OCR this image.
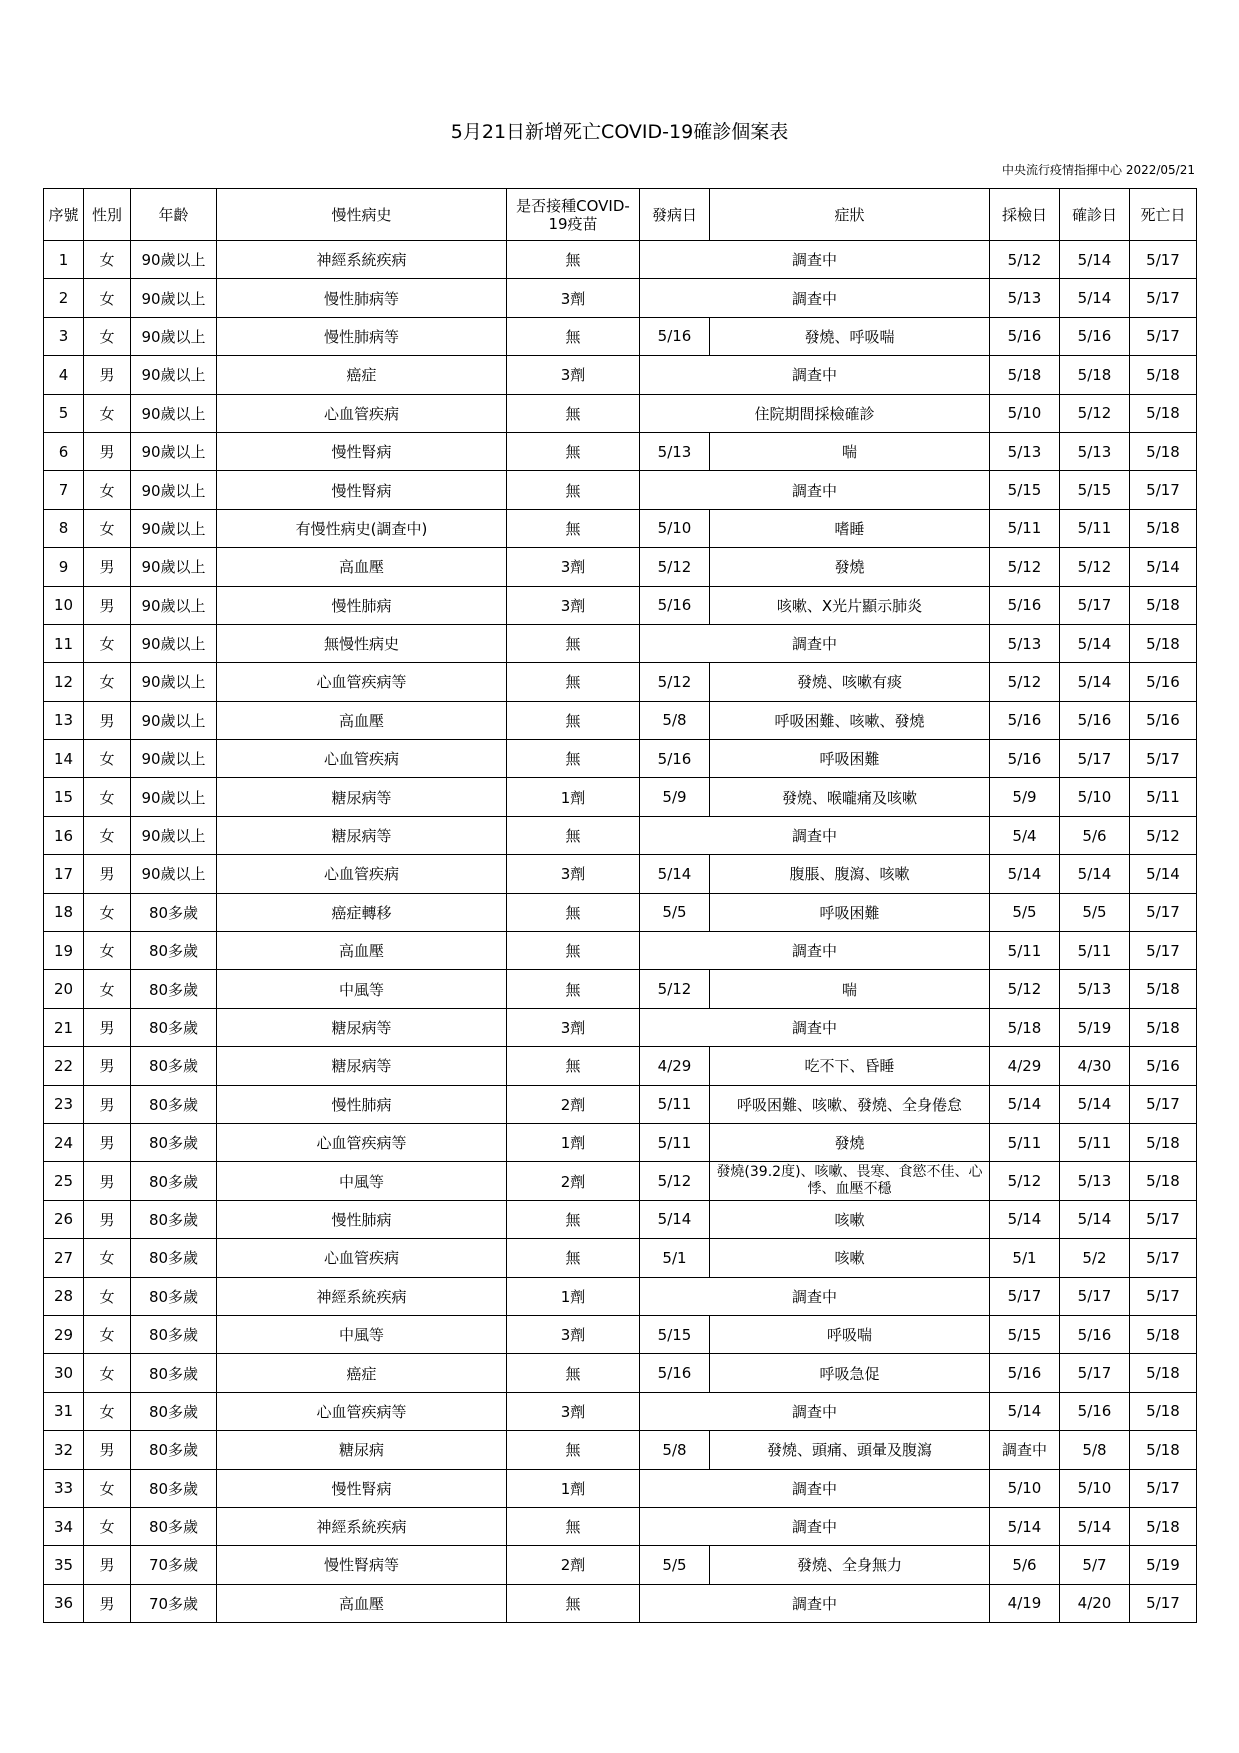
5月21日新增死亡COVID-19確診個案表
中央流行疫情指揮中心 2022/05/21
序號	性別	年齡	慢性病史	是否接種COVID-19疫苗	發病日	症狀	採檢日	確診日	死亡日
1	女	90歲以上	神經系統疾病	無	調查中		5/12	5/14	5/17
2	女	90歲以上	慢性肺病等	3劑	調查中		5/13	5/14	5/17
3	女	90歲以上	慢性肺病等	無	5/16	發燒、呼吸喘	5/16	5/16	5/17
4	男	90歲以上	癌症	3劑	調查中		5/18	5/18	5/18
5	女	90歲以上	心血管疾病	無	住院期間採檢確診		5/10	5/12	5/18
6	男	90歲以上	慢性腎病	無	5/13	喘	5/13	5/13	5/18
7	女	90歲以上	慢性腎病	無	調查中		5/15	5/15	5/17
8	女	90歲以上	有慢性病史(調查中)	無	5/10	嗜睡	5/11	5/11	5/18
9	男	90歲以上	高血壓	3劑	5/12	發燒	5/12	5/12	5/14
10	男	90歲以上	慢性肺病	3劑	5/16	咳嗽、X光片顯示肺炎	5/16	5/17	5/18
11	女	90歲以上	無慢性病史	無	調查中		5/13	5/14	5/18
12	女	90歲以上	心血管疾病等	無	5/12	發燒、咳嗽有痰	5/12	5/14	5/16
13	男	90歲以上	高血壓	無	5/8	呼吸困難、咳嗽、發燒	5/16	5/16	5/16
14	女	90歲以上	心血管疾病	無	5/16	呼吸困難	5/16	5/17	5/17
15	女	90歲以上	糖尿病等	1劑	5/9	發燒、喉嚨痛及咳嗽	5/9	5/10	5/11
16	女	90歲以上	糖尿病等	無	調查中		5/4	5/6	5/12
17	男	90歲以上	心血管疾病	3劑	5/14	腹脹、腹瀉、咳嗽	5/14	5/14	5/14
18	女	80多歲	癌症轉移	無	5/5	呼吸困難	5/5	5/5	5/17
19	女	80多歲	高血壓	無	調查中		5/11	5/11	5/17
20	女	80多歲	中風等	無	5/12	喘	5/12	5/13	5/18
21	男	80多歲	糖尿病等	3劑	調查中		5/18	5/19	5/18
22	男	80多歲	糖尿病等	無	4/29	吃不下、昏睡	4/29	4/30	5/16
23	男	80多歲	慢性肺病	2劑	5/11	呼吸困難、咳嗽、發燒、全身倦怠	5/14	5/14	5/17
24	男	80多歲	心血管疾病等	1劑	5/11	發燒	5/11	5/11	5/18
25	男	80多歲	中風等	2劑	5/12	發燒(39.2度)、咳嗽、畏寒、食慾不佳、心悸、血壓不穩	5/12	5/13	5/18
26	男	80多歲	慢性肺病	無	5/14	咳嗽	5/14	5/14	5/17
27	女	80多歲	心血管疾病	無	5/1	咳嗽	5/1	5/2	5/17
28	女	80多歲	神經系統疾病	1劑	調查中		5/17	5/17	5/17
29	女	80多歲	中風等	3劑	5/15	呼吸喘	5/15	5/16	5/18
30	女	80多歲	癌症	無	5/16	呼吸急促	5/16	5/17	5/18
31	女	80多歲	心血管疾病等	3劑	調查中		5/14	5/16	5/18
32	男	80多歲	糖尿病	無	5/8	發燒、頭痛、頭暈及腹瀉	調查中	5/8	5/18
33	女	80多歲	慢性腎病	1劑	調查中		5/10	5/10	5/17
34	女	80多歲	神經系統疾病	無	調查中		5/14	5/14	5/18
35	男	70多歲	慢性腎病等	2劑	5/5	發燒、全身無力	5/6	5/7	5/19
36	男	70多歲	高血壓	無	調查中		4/19	4/20	5/17
